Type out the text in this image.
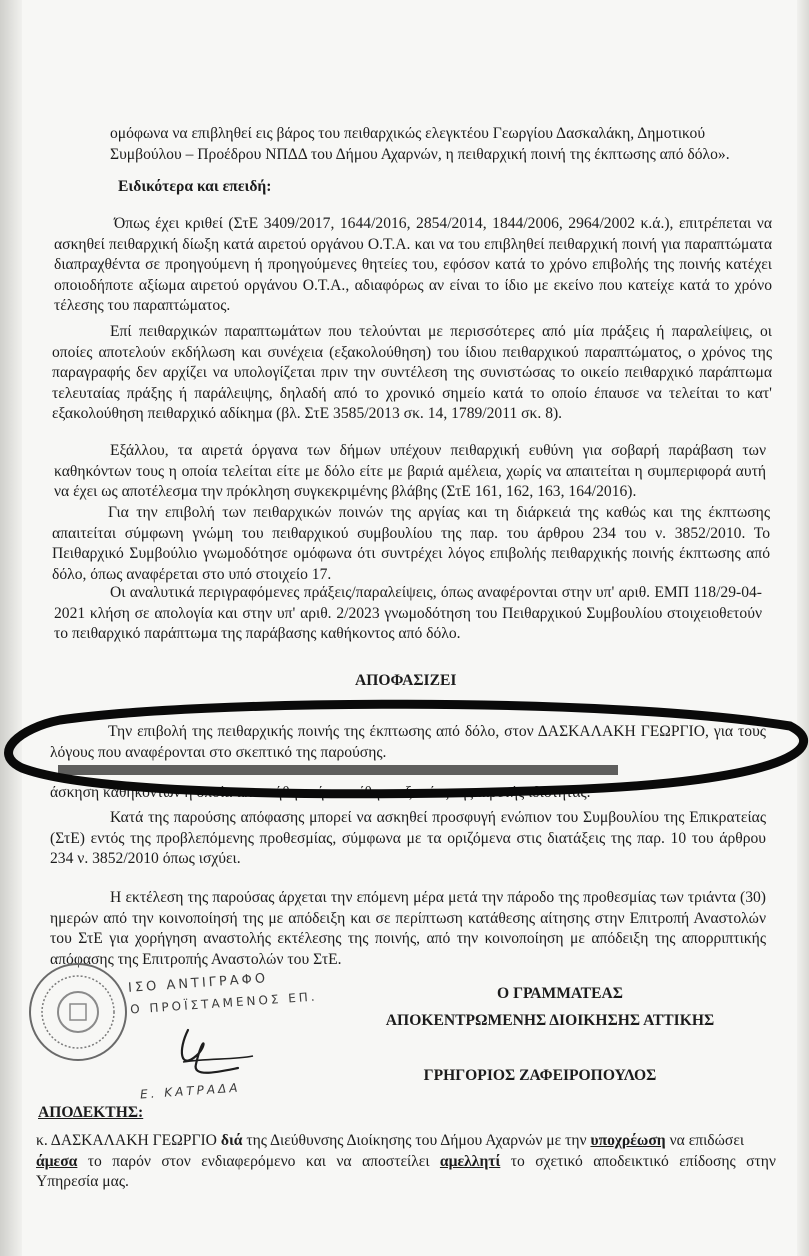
ομόφωνα να επιβληθεί εις βάρος του πειθαρχικώς ελεγκτέου Γεωργίου Δασκαλάκη, Δημοτικού
Συμβούλου – Προέδρου ΝΠΔΔ του Δήμου Αχαρνών, η πειθαρχική ποινή της έκπτωσης από δόλο».
Ειδικότερα και επειδή:
Όπως έχει κριθεί (ΣτΕ 3409/2017, 1644/2016, 2854/2014, 1844/2006, 2964/2002 κ.ά.), επιτρέπεται να ασκηθεί πειθαρχική δίωξη κατά αιρετού οργάνου Ο.Τ.Α. και να του επιβληθεί πειθαρχική ποινή για παραπτώματα διαπραχθέντα σε προηγούμενη ή προηγούμενες θητείες του, εφόσον κατά το χρόνο επιβολής της ποινής κατέχει οποιοδήποτε αξίωμα αιρετού οργάνου Ο.Τ.Α., αδιαφόρως αν είναι το ίδιο με εκείνο που κατείχε κατά το χρόνο τέλεσης του παραπτώματος.
Επί πειθαρχικών παραπτωμάτων που τελούνται με περισσότερες από μία πράξεις ή παραλείψεις, οι οποίες αποτελούν εκδήλωση και συνέχεια (εξακολούθηση) του ίδιου πειθαρχικού παραπτώματος, ο χρόνος της παραγραφής δεν αρχίζει να υπολογίζεται πριν την συντέλεση της συνιστώσας το οικείο πειθαρχικό παράπτωμα τελευταίας πράξης ή παράλειψης, δηλαδή από το χρονικό σημείο κατά το οποίο έπαυσε να τελείται το κατ' εξακολούθηση πειθαρχικό αδίκημα (βλ. ΣτΕ 3585/2013 σκ. 14, 1789/2011 σκ. 8).
Εξάλλου, τα αιρετά όργανα των δήμων υπέχουν πειθαρχική ευθύνη για σοβαρή παράβαση των καθηκόντων τους η οποία τελείται είτε με δόλο είτε με βαριά αμέλεια, χωρίς να απαιτείται η συμπεριφορά αυτή να έχει ως αποτέλεσμα την πρόκληση συγκεκριμένης βλάβης (ΣτΕ 161, 162, 163, 164/2016).
Για την επιβολή των πειθαρχικών ποινών της αργίας και τη διάρκειά της καθώς και της έκπτωσης απαιτείται σύμφωνη γνώμη του πειθαρχικού συμβουλίου της παρ. του άρθρου 234 του ν. 3852/2010. Το Πειθαρχικό Συμβούλιο γνωμοδότησε ομόφωνα ότι συντρέχει λόγος επιβολής πειθαρχικής ποινής έκπτωσης από δόλο, όπως αναφέρεται στο υπό στοιχείο 17.
Οι αναλυτικά περιγραφόμενες πράξεις/παραλείψεις, όπως αναφέρονται στην υπ' αριθ. ΕΜΠ 118/29-04-2021 κλήση σε απολογία και στην υπ' αριθ. 2/2023 γνωμοδότηση του Πειθαρχικού Συμβουλίου στοιχειοθετούν το πειθαρχικό παράπτωμα της παράβασης καθήκοντος από δόλο.
ΑΠΟΦΑΣΙΖΕΙ
Την επιβολή της πειθαρχικής ποινής της έκπτωσης από δόλο, στον ΔΑΣΚΑΛΑΚΗ ΓΕΩΡΓΙΟ, για τους λόγους που αναφέρονται στο σκεπτικό της παρούσης.
άσκηση καθηκόντων η οποία αποκτήθηκε ή ανατέθηκε εξαιτίας της αιρετής ιδιότητας.
Κατά της παρούσης απόφασης μπορεί να ασκηθεί προσφυγή ενώπιον του Συμβουλίου της Επικρατείας (ΣτΕ) εντός της προβλεπόμενης προθεσμίας, σύμφωνα με τα οριζόμενα στις διατάξεις της παρ. 10 του άρθρου 234 ν. 3852/2010 όπως ισχύει.
Η εκτέλεση της παρούσας άρχεται την επόμενη μέρα μετά την πάροδο της προθεσμίας των τριάντα (30) ημερών από την κοινοποίησή της με απόδειξη και σε περίπτωση κατάθεσης αίτησης στην Επιτροπή Αναστολών του ΣτΕ για χορήγηση αναστολής εκτέλεσης της ποινής, από την κοινοποίηση με απόδειξη της απορριπτικής απόφασης της Επιτροπής Αναστολών του ΣτΕ.
Ο ΓΡΑΜΜΑΤΕΑΣ
ΑΠΟΚΕΝΤΡΩΜΕΝΗΣ ΔΙΟΙΚΗΣΗΣ ΑΤΤΙΚΗΣ
ΓΡΗΓΟΡΙΟΣ ΖΑΦΕΙΡΟΠΟΥΛΟΣ
ΙΣΟ ΑΝΤΙΓΡΑΦΟ
Ο ΠΡΟΪΣΤΑΜΕΝΟΣ ΕΠ.
Ε. ΚΑΤΡΑΔΑ
ΑΠΟΔΕΚΤΗΣ:
κ. ΔΑΣΚΑΛΑΚΗ ΓΕΩΡΓΙΟ διά της Διεύθυνσης Διοίκησης του Δήμου Αχαρνών με την υποχρέωση να επιδώσει
άμεσα το παρόν στον ενδιαφερόμενο και να αποστείλει αμελλητί το σχετικό αποδεικτικό επίδοσης στην
Υπηρεσία μας.
